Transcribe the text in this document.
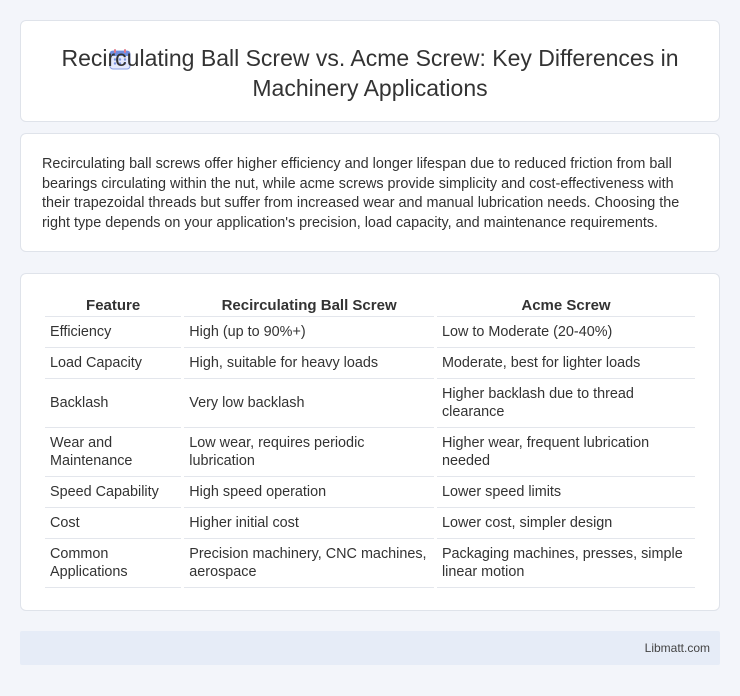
Recirculating Ball Screw vs. Acme Screw: Key Differences in Machinery Applications

Recirculating ball screws offer higher efficiency and longer lifespan due to reduced friction from ball bearings circulating within the nut, while acme screws provide simplicity and cost-effectiveness with their trapezoidal threads but suffer from increased wear and manual lubrication needs. Choosing the right type depends on your application's precision, load capacity, and maintenance requirements.

Feature	Recirculating Ball Screw	Acme Screw
Efficiency	High (up to 90%+)	Low to Moderate (20-40%)
Load Capacity	High, suitable for heavy loads	Moderate, best for lighter loads
Backlash	Very low backlash	Higher backlash due to thread clearance
Wear and Maintenance	Low wear, requires periodic lubrication	Higher wear, frequent lubrication needed
Speed Capability	High speed operation	Lower speed limits
Cost	Higher initial cost	Lower cost, simpler design
Common Applications	Precision machinery, CNC machines, aerospace	Packaging machines, presses, simple linear motion
Libmatt.com
